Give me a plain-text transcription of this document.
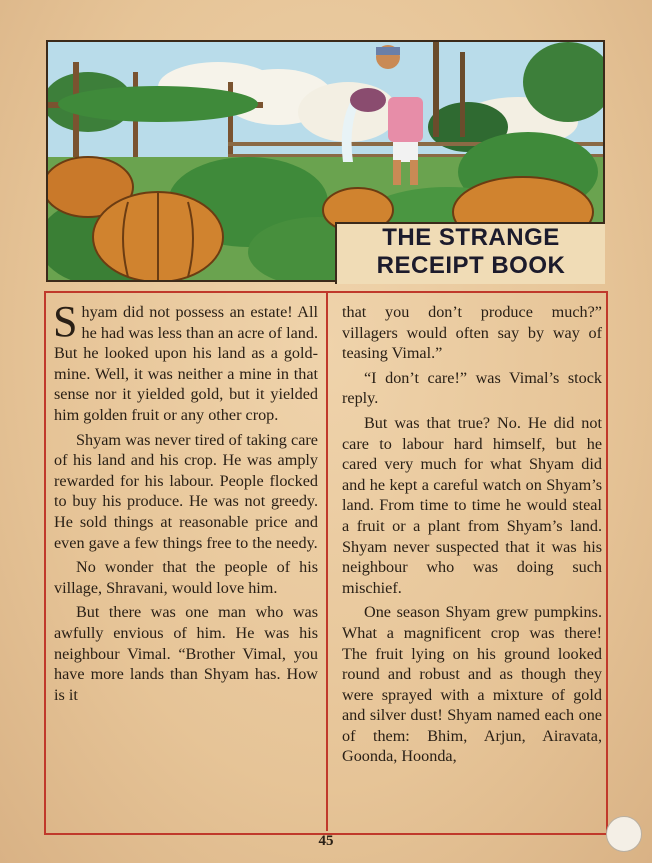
THE STRANGE
RECEIPT BOOK

Shyam did not possess an estate! All he had was less than an acre of land. But he looked upon his land as a gold-mine. Well, it was neither a mine in that sense nor it yielded gold, but it yielded him golden fruit or any other crop.

Shyam was never tired of taking care of his land and his crop. He was amply rewarded for his labour. People flocked to buy his produce. He was not greedy. He sold things at reasonable price and even gave a few things free to the needy.

No wonder that the people of his village, Shravani, would love him.

But there was one man who was awfully envious of him. He was his neighbour Vimal. “Brother Vimal, you have more lands than Shyam has. How is it

that you don’t produce much?” villagers would often say by way of teasing Vimal.”

“I don’t care!” was Vimal’s stock reply.

But was that true? No. He did not care to labour hard himself, but he cared very much for what Shyam did and he kept a careful watch on Shyam’s land. From time to time he would steal a fruit or a plant from Shyam’s land. Shyam never suspected that it was his neighbour who was doing such mischief.

One season Shyam grew pumpkins. What a magnificent crop was there! The fruit lying on his ground looked round and robust and as though they were sprayed with a mixture of gold and silver dust! Shyam named each one of them: Bhim, Arjun, Airavata, Goonda, Hoonda,

45
